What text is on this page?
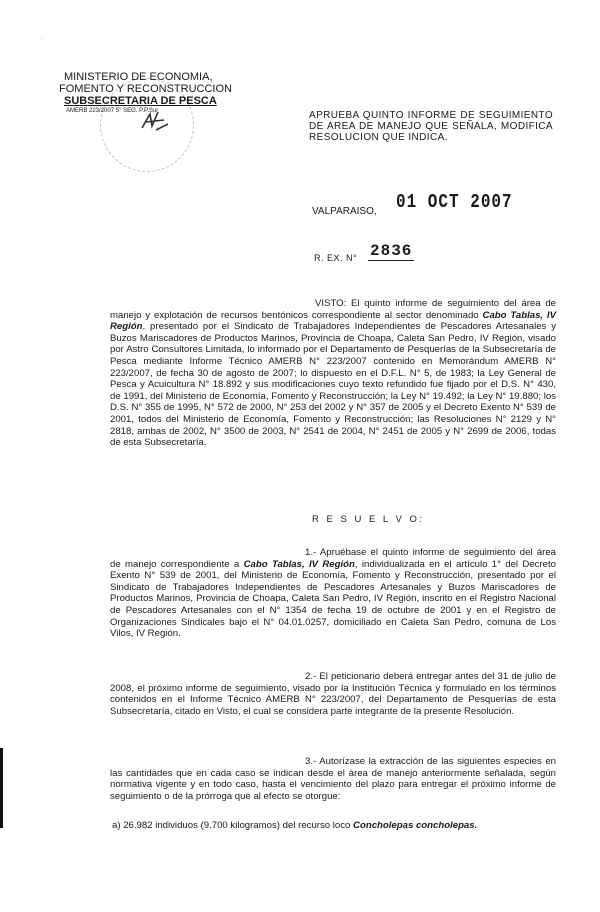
·
MINISTERIO DE ECONOMIA,
FOMENTO Y RECONSTRUCCION
SUBSECRETARIA DE PESCA
AMERB 223/2007 5° SEG. P.P.Sur	APRUEBA QUINTO INFORME DE SEGUIMIENTO DE AREA DE MANEJO QUE SEÑALA, MODIFICA RESOLUCION QUE INDICA.
VALPARAISO, 01 OCT 2007
R. EX. N° 2836
VISTO: El quinto informe de seguimiento del área de manejo y explotación de recursos bentónicos correspondiente al sector denominado Cabo Tablas, IV Región, presentado por el Sindicato de Trabajadores Independientes de Pescadores Artesanales y Buzos Mariscadores de Productos Marinos, Provincia de Choapa, Caleta San Pedro, IV Región, visado por Astro Consultores Limitada, lo informado por el Departamento de Pesquerías de la Subsecretaría de Pesca mediante Informe Técnico AMERB N° 223/2007 contenido en Memorándum AMERB N° 223/2007, de fecha 30 de agosto de 2007; lo dispuesto en el D.F.L. N° 5, de 1983; la Ley General de Pesca y Acuicultura N° 18.892 y sus modificaciones cuyo texto refundido fue fijado por el D.S. N° 430, de 1991, del Ministerio de Economía, Fomento y Reconstrucción; la Ley N° 19.492; la Ley N° 19.880; los D.S. N° 355 de 1995, N° 572 de 2000, N° 253 del 2002 y N° 357 de 2005 y el Decreto Exento N° 539 de 2001, todos del Ministerio de Economía, Fomento y Reconstrucción; las Resoluciones N° 2129 y N° 2818, ambas de 2002, N° 3500 de 2003, N° 2541 de 2004, N° 2451 de 2005 y N° 2699 de 2006, todas de esta Subsecretaría.
R E S U E L V O:
1.- Apruébase el quinto informe de seguimiento del área de manejo correspondiente a Cabo Tablas, IV Región, individualizada en el artículo 1° del Decreto Exento N° 539 de 2001, del Ministerio de Economía, Fomento y Reconstrucción, presentado por el Sindicato de Trabajadores Independientes de Pescadores Artesanales y Buzos Mariscadores de Productos Marinos, Provincia de Choapa, Caleta San Pedro, IV Región, inscrito en el Registro Nacional de Pescadores Artesanales con el N° 1354 de fecha 19 de octubre de 2001 y en el Registro de Organizaciones Sindicales bajo el N° 04.01.0257, domiciliado en Caleta San Pedro, comuna de Los Vilos, IV Región.
2.- El peticionario deberá entregar antes del 31 de julio de 2008, el próximo informe de seguimiento, visado por la Institución Técnica y formulado en los términos contenidos en el Informe Técnico AMERB N° 223/2007, del Departamento de Pesquerías de esta Subsecretaría, citado en Visto, el cual se considera parte integrante de la presente Resolución.
3.- Autorízase la extracción de las siguientes especies en las cantidades que en cada caso se indican desde el área de manejo anteriormente señalada, según normativa vigente y en todo caso, hasta el vencimiento del plazo para entregar el próximo informe de seguimiento o de la prórroga que al efecto se otorgue:
a) 26.982 individuos (9.700 kilogramos) del recurso loco Concholepas concholepas.
